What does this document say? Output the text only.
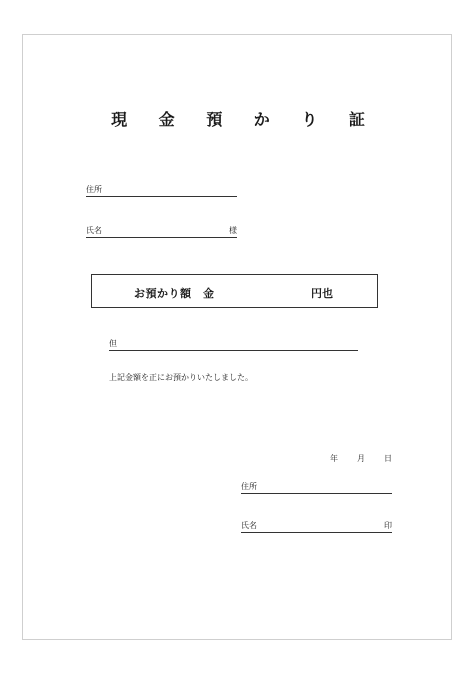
現 金 預 か り 証
住所
氏名	様
お預かり額　金	円也
但
上記金額を正にお預かりいたしました。
年 月 日
住所
氏名	印
